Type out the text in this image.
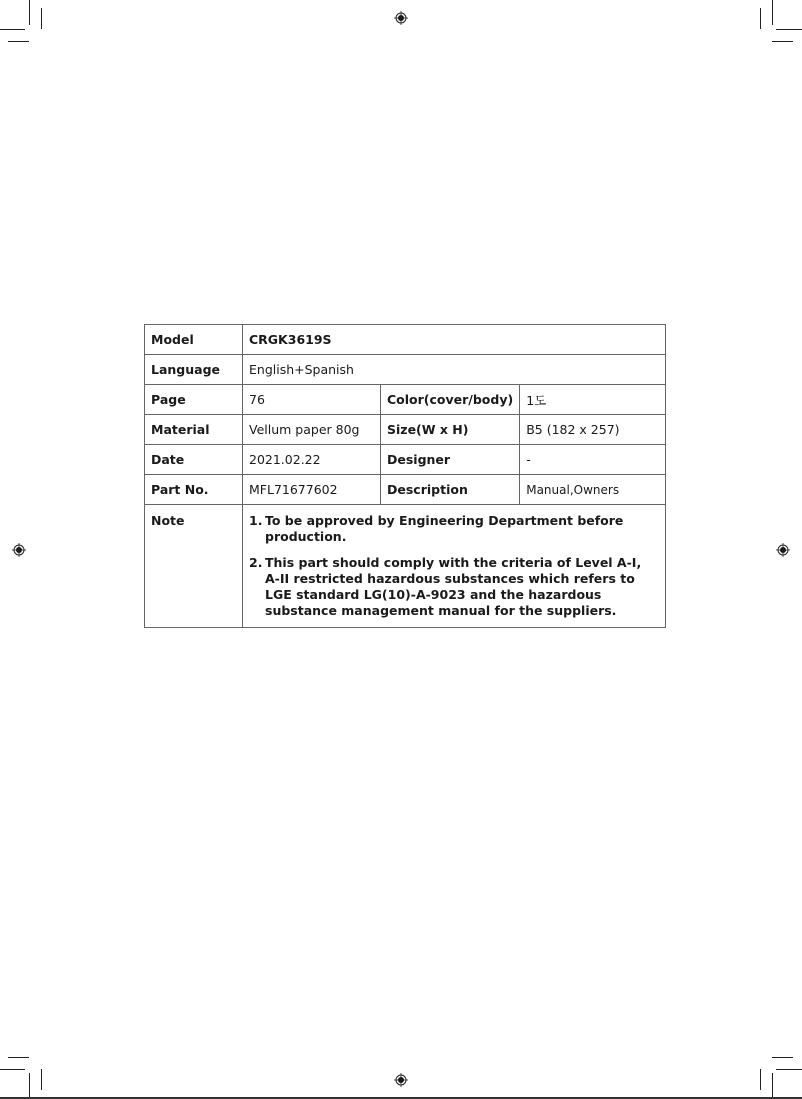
Model	CRGK3619S		
Language	English+Spanish		
Page	76	Color(cover/body)	1도
Material	Vellum paper 80g	Size(W x H)	B5 (182 x 257)
Date	2021.02.22	Designer	-
Part No.	MFL71677602	Description	Manual,Owners
Note	1. To be approved by Engineering Department before production.
2. This part should comply with the criteria of Level A-I, A-II restricted hazardous substances which refers to LGE standard LG(10)-A-9023 and the hazardous substance management manual for the suppliers.		
